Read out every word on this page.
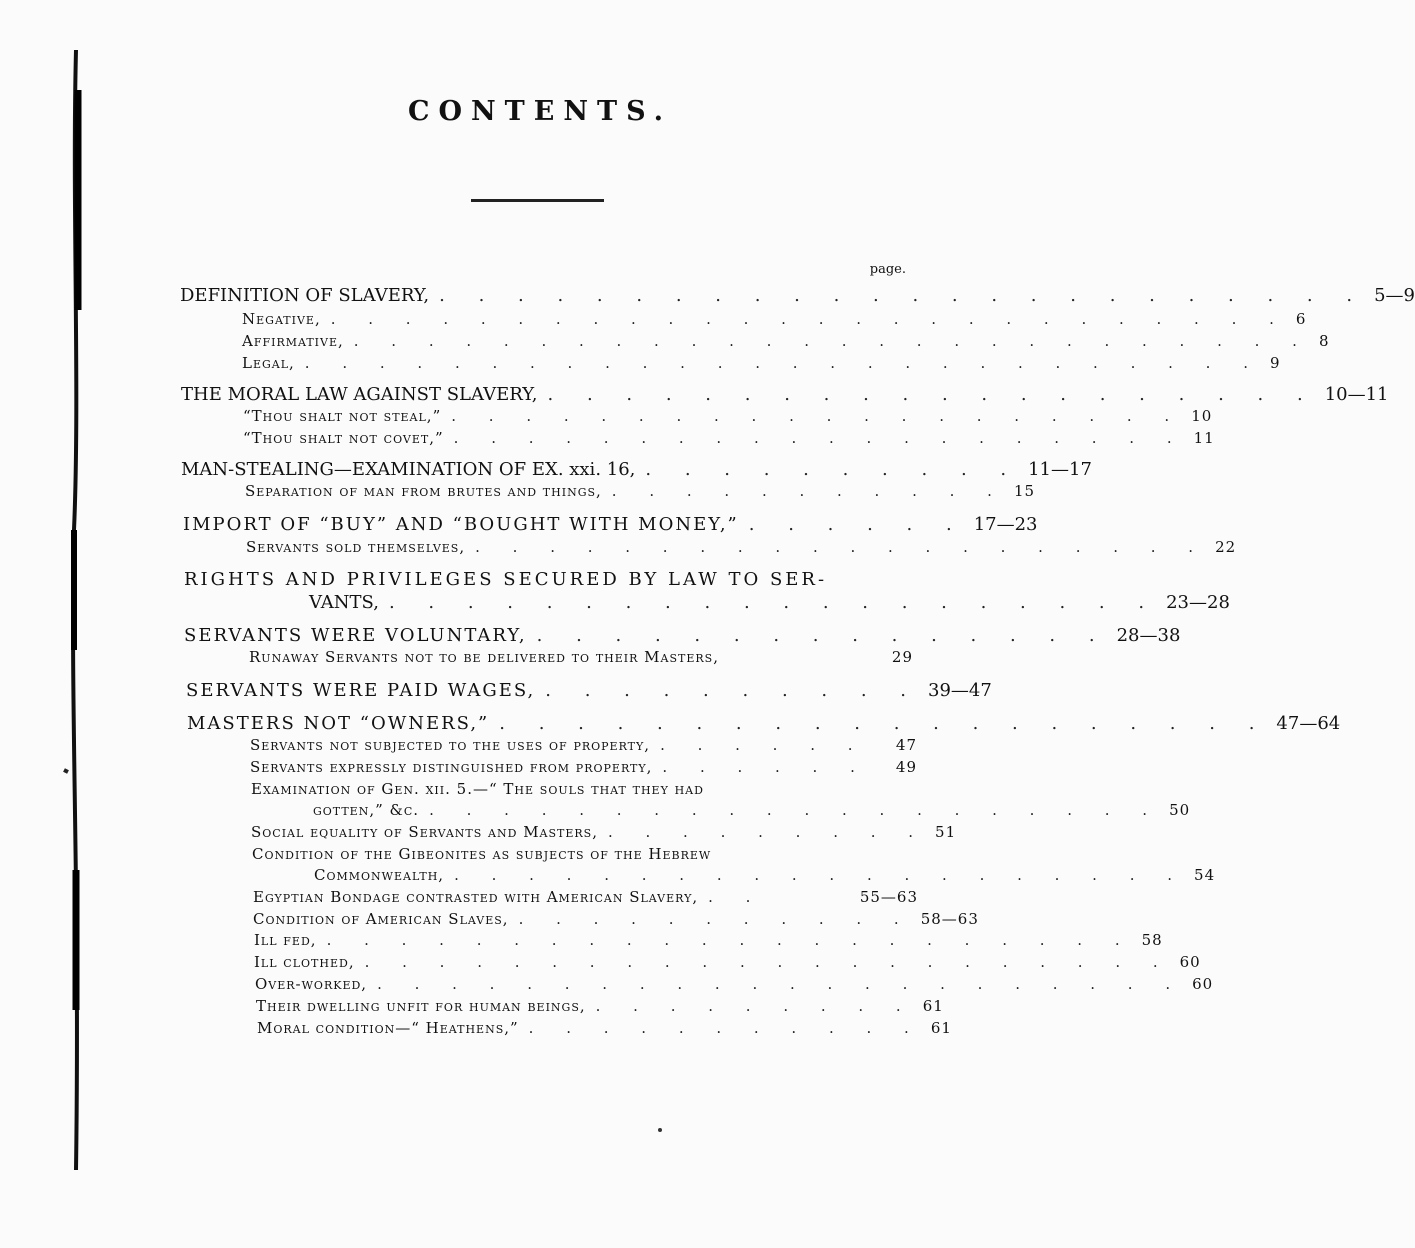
CONTENTS.
page.
DEFINITION OF SLAVERY, . . . . . . . . . . . . . . . . . . . . . . . . 5—9
Negative, . . . . . . . . . . . . . . . . . . . . . . . . . . 6
Affirmative, . . . . . . . . . . . . . . . . . . . . . . . . . . 8
Legal, . . . . . . . . . . . . . . . . . . . . . . . . . . 9
THE MORAL LAW AGAINST SLAVERY, . . . . . . . . . . . . . . . . . . . . 10—11
“Thou shalt not steal,” . . . . . . . . . . . . . . . . . . . . 10
“Thou shalt not covet,” . . . . . . . . . . . . . . . . . . . . 11
MAN-STEALING—EXAMINATION OF EX. xxi. 16, . . . . . . . . . . 11—17
Separation of man from brutes and things, . . . . . . . . . . . 15
IMPORT OF “BUY” AND “BOUGHT WITH MONEY,” . . . . . . 17—23
Servants sold themselves, . . . . . . . . . . . . . . . . . . . . 22
RIGHTS AND PRIVILEGES SECURED BY LAW TO SER-
VANTS, . . . . . . . . . . . . . . . . . . . . 23—28
SERVANTS WERE VOLUNTARY, . . . . . . . . . . . . . . . 28—38
Runaway Servants not to be delivered to their Masters,	29
SERVANTS WERE PAID WAGES, . . . . . . . . . . 39—47
MASTERS NOT “OWNERS,” . . . . . . . . . . . . . . . . . . . . 47—64
Servants not subjected to the uses of property, . . . . . .	47
Servants expressly distinguished from property, . . . . . .	49
Examination of Gen. xii. 5.—“ The souls that they had
gotten,” &c. . . . . . . . . . . . . . . . . . . . . 50
Social equality of Servants and Masters, . . . . . . . . . 51
Condition of the Gibeonites as subjects of the Hebrew
Commonwealth, . . . . . . . . . . . . . . . . . . . . 54
Egyptian Bondage contrasted with American Slavery, . .	55—63
Condition of American Slaves, . . . . . . . . . . . 58—63
Ill fed, . . . . . . . . . . . . . . . . . . . . . . 58
Ill clothed, . . . . . . . . . . . . . . . . . . . . . . 60
Over-worked, . . . . . . . . . . . . . . . . . . . . . . 60
Their dwelling unfit for human beings, . . . . . . . . . 61
Moral condition—“ Heathens,” . . . . . . . . . . . 61
